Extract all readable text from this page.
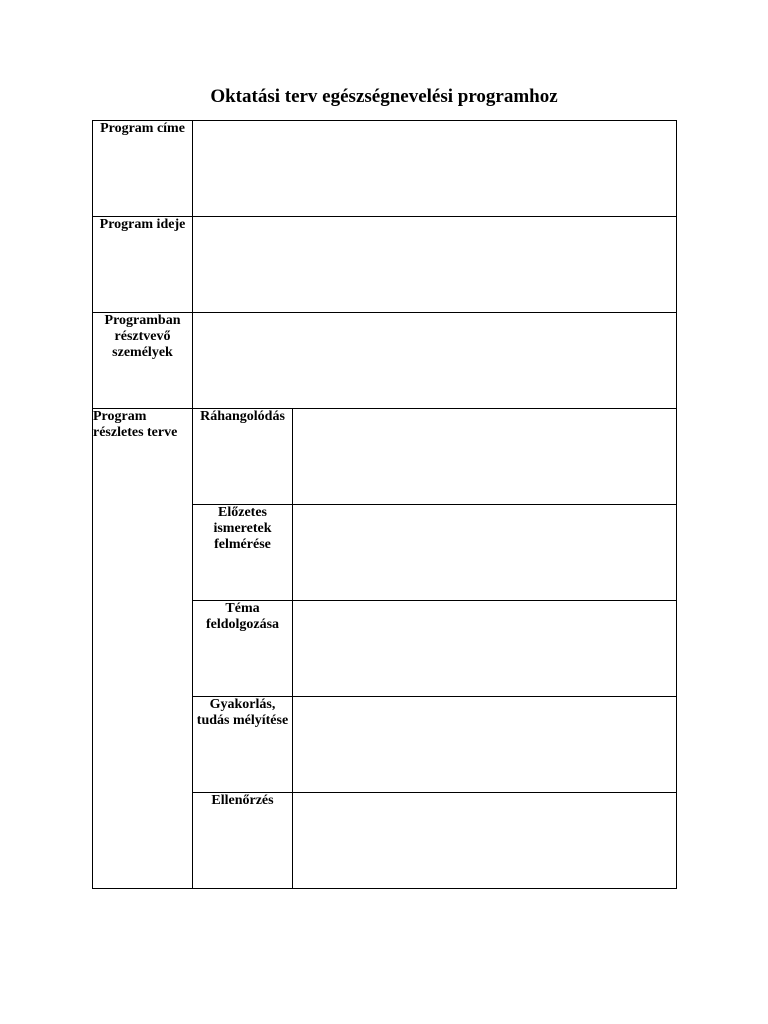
Oktatási terv egészségnevelési programhoz
Program címe		
Program ideje		
Programban résztvevő személyek		
Program részletes terve	Ráhangolódás	
	Előzetes ismeretek felmérése	
	Téma feldolgozása	
	Gyakorlás, tudás mélyítése	
	Ellenőrzés	
